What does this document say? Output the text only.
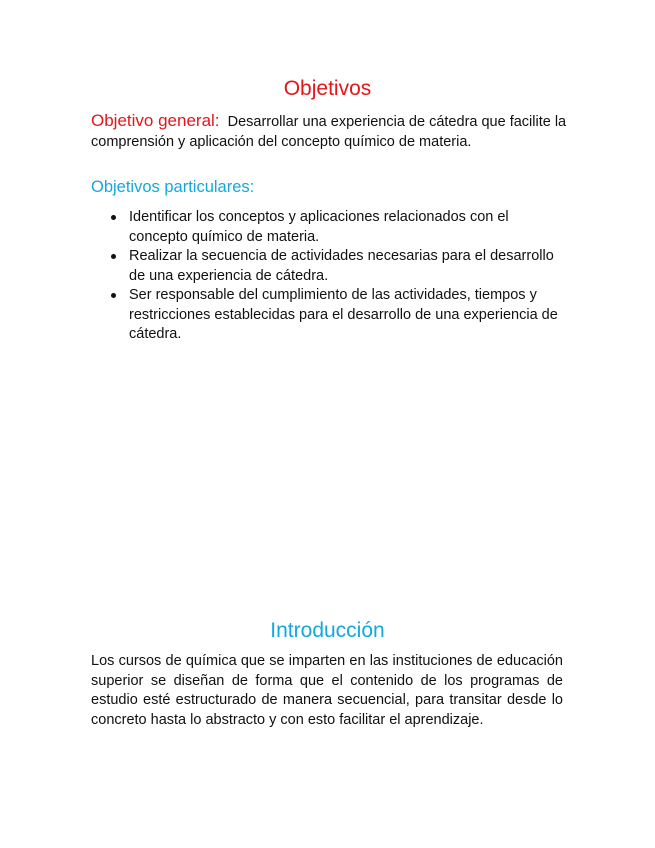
Objetivos
Objetivo general: Desarrollar una experiencia de cátedra que facilite la comprensión y aplicación del concepto químico de materia.
Objetivos particulares:
Identificar los conceptos y aplicaciones relacionados con el concepto químico de materia.
Realizar la secuencia de actividades necesarias para el desarrollo de una experiencia de cátedra.
Ser responsable del cumplimiento de las actividades, tiempos y restricciones establecidas para el desarrollo de una experiencia de cátedra.
Introducción

Los cursos de química que se imparten en las instituciones de educación superior se diseñan de forma que el contenido de los programas de estudio esté estructurado de manera secuencial, para transitar desde lo concreto hasta lo abstracto y con esto facilitar el aprendizaje.
